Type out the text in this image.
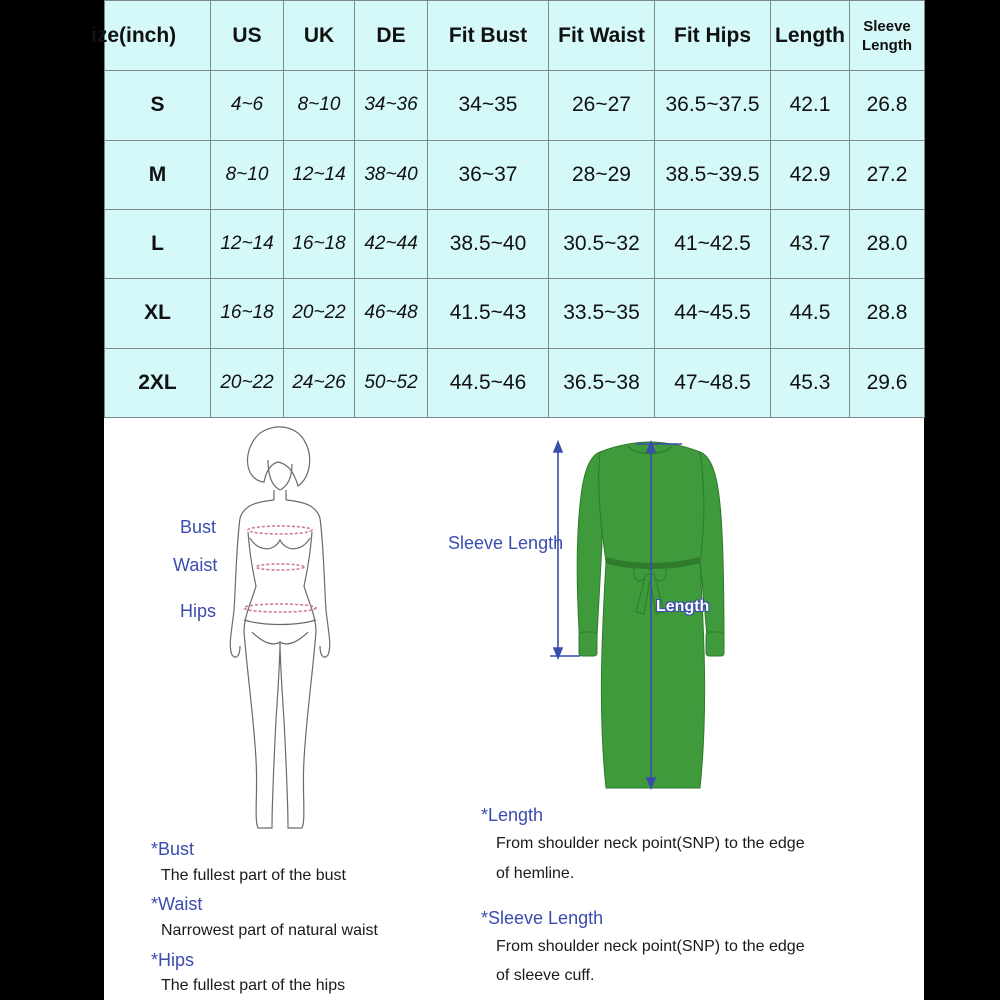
ize(inch)	US	UK	DE	Fit Bust	Fit Waist	Fit Hips	Length	Sleeve
Length
S	4~6	8~10	34~36	34~35	26~27	36.5~37.5	42.1	26.8
M	8~10	12~14	38~40	36~37	28~29	38.5~39.5	42.9	27.2
L	12~14	16~18	42~44	38.5~40	30.5~32	41~42.5	43.7	28.0
XL	16~18	20~22	46~48	41.5~43	33.5~35	44~45.5	44.5	28.8
2XL	20~22	24~26	50~52	44.5~46	36.5~38	47~48.5	45.3	29.6
Bust
Waist
Hips
Sleeve Length
Length
*Bust
The fullest part of the bust
*Waist
Narrowest part of natural waist
*Hips
The fullest part of the hips
*Length
From shoulder neck point(SNP) to the edge
of hemline.
*Sleeve Length
From shoulder neck point(SNP) to the edge
of sleeve cuff.
